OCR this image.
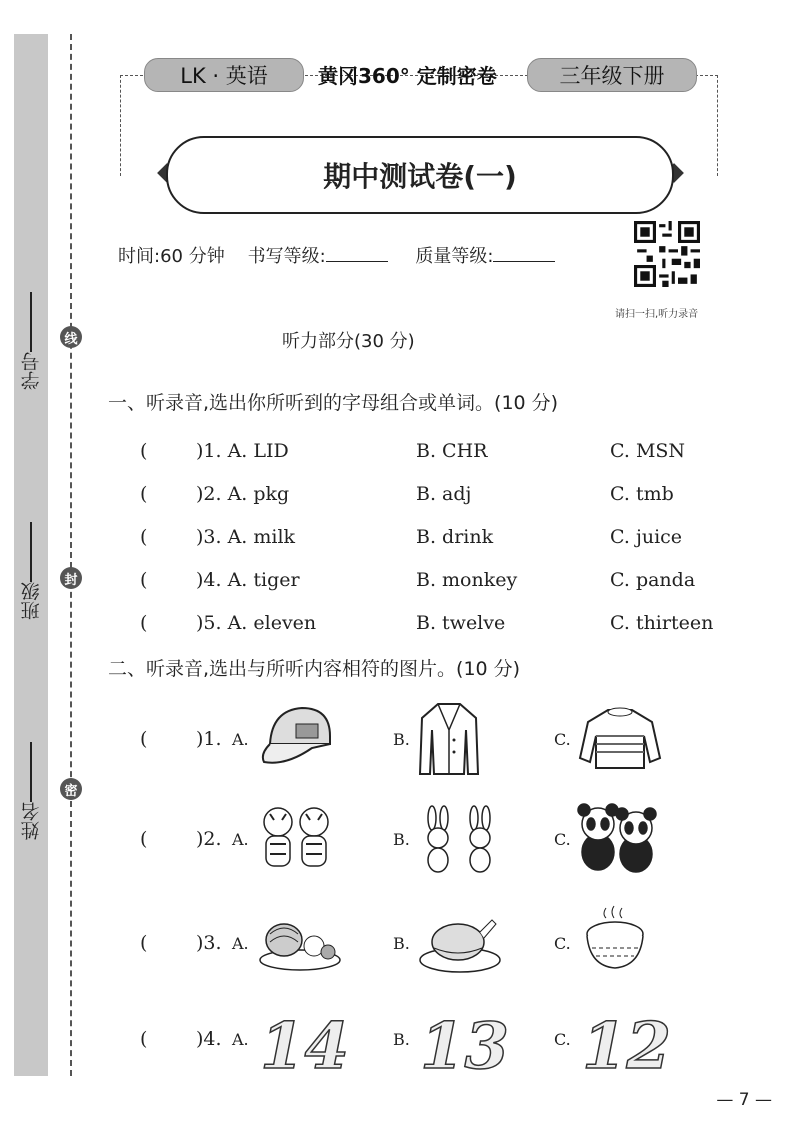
学号
班级
姓名
线
封
密
LK · 英语	黄冈360° 定制密卷	三年级下册
期中测试卷(一)
时间:60 分钟 书写等级:	质量等级:
请扫一扫,听力录音
听力部分(30 分)
一、听录音,选出你所听到的字母组合或单词。(10 分)
(	)1. A. LID	B. CHR	C. MSN
(	)2. A. pkg	B. adj	C. tmb
(	)3. A. milk	B. drink	C. juice
(	)4. A. tiger	B. monkey	C. panda
(	)5. A. eleven	B. twelve	C. thirteen
二、听录音,选出与所听内容相符的图片。(10 分)
(	)1. A.	B.	C.
(	)2. A.	B.	C.
(	)3. A.	B.	C.
(	)4. A. 14	B. 13	C. 12
— 7 —
